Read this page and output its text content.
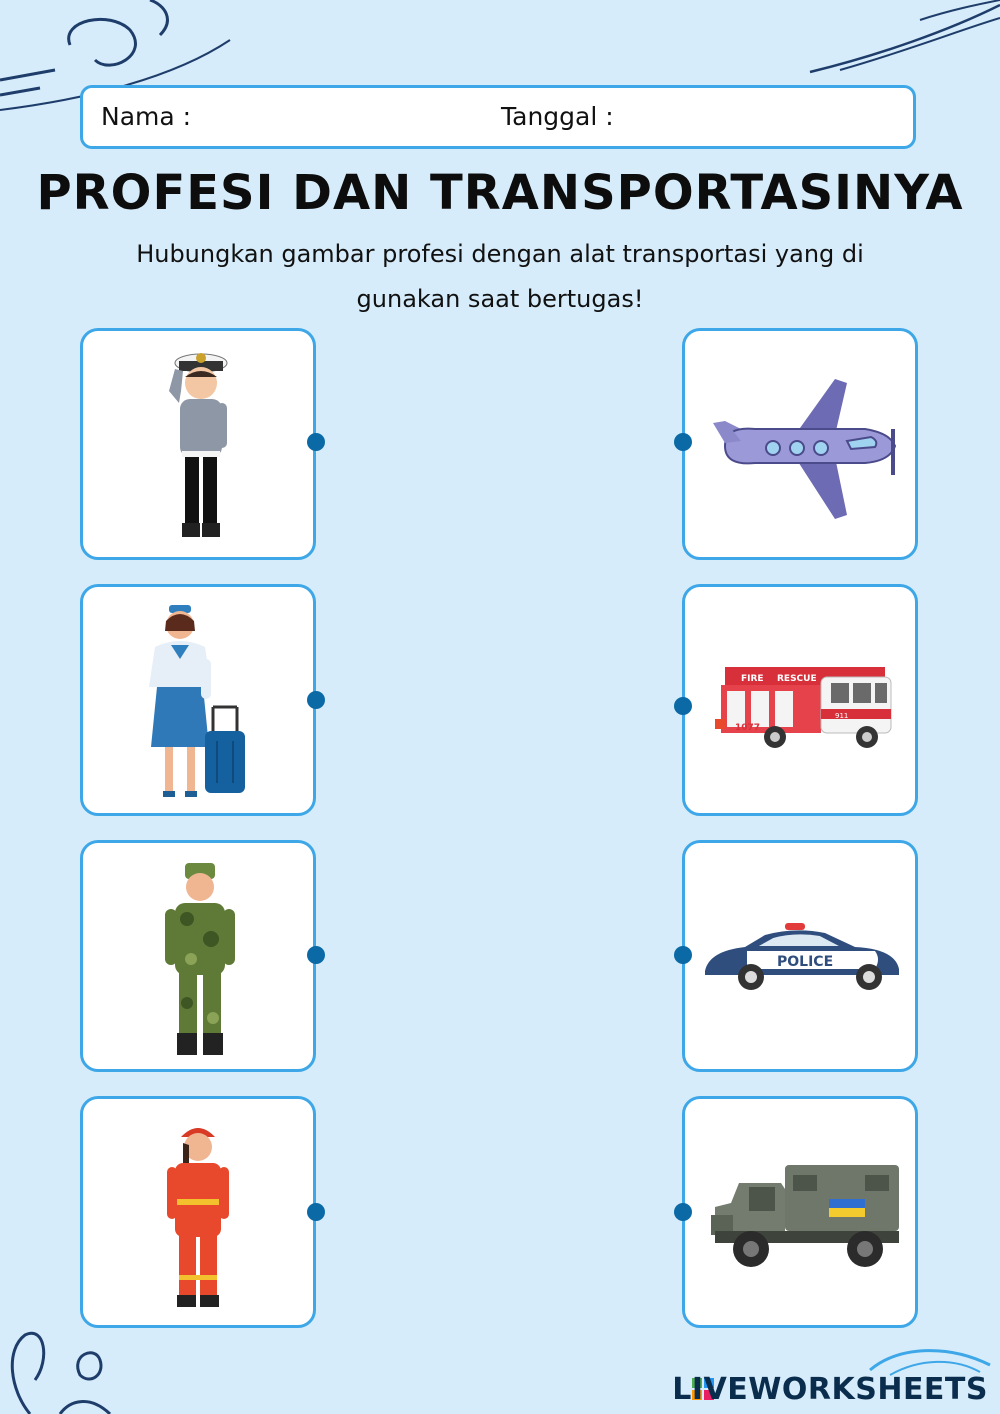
Nama :	Tanggal :
PROFESI DAN TRANSPORTASINYA
Hubungkan gambar profesi dengan alat transportasi yang di gunakan saat bertugas!
FIRE RESCUE
1077
911
POLICE
LIVEWORKSHEETS
